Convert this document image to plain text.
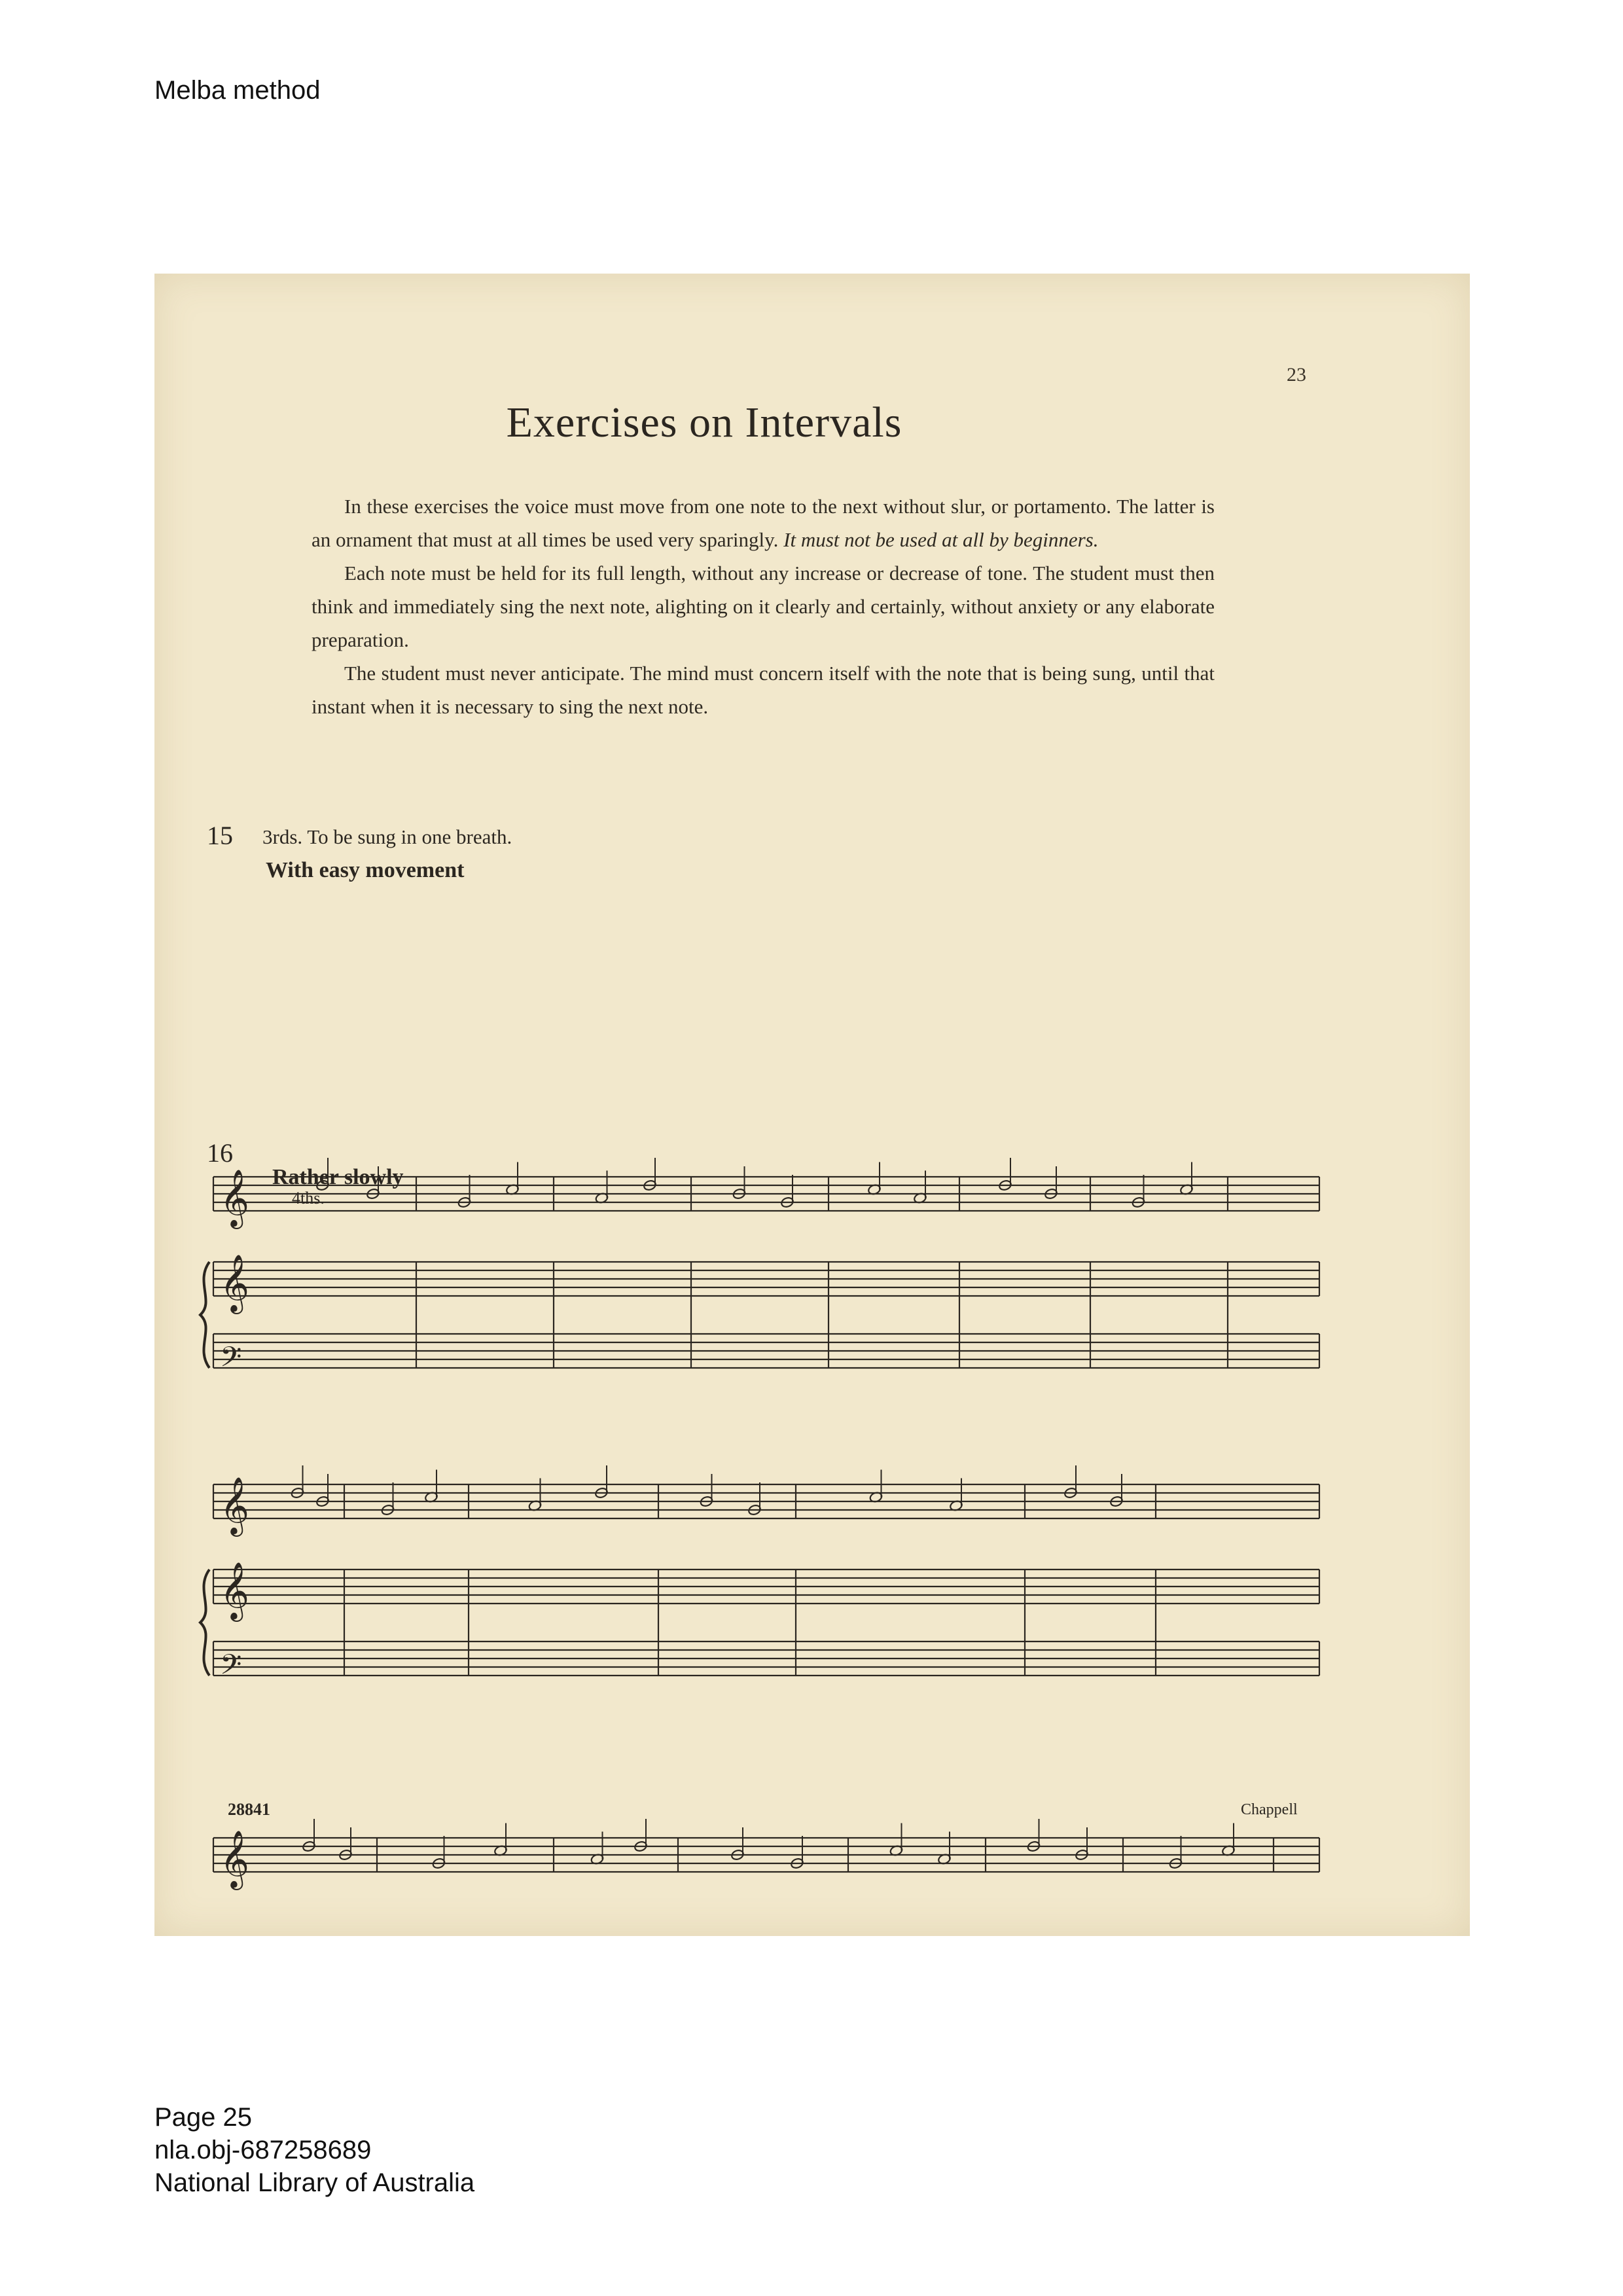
Melba method
23
Exercises on Intervals

In these exercises the voice must move from one note to the next without slur, or portamento. The latter is an ornament that must at all times be used very sparingly. It must not be used at all by beginners.

Each note must be held for its full length, without any increase or decrease of tone. The student must then think and immediately sing the next note, alighting on it clearly and certainly, without anxiety or any elaborate preparation.

The student must never anticipate. The mind must concern itself with the note that is being sung, until that instant when it is necessary to sing the next note.

15 3rds. To be sung in one breath.
With easy movement
16
Rather slowly
4ths.
𝄞
𝄞
𝄢
𝄞
𝄞
𝄢
𝄞
28841	Chappell
Page 25
nla.obj-687258689
National Library of Australia
